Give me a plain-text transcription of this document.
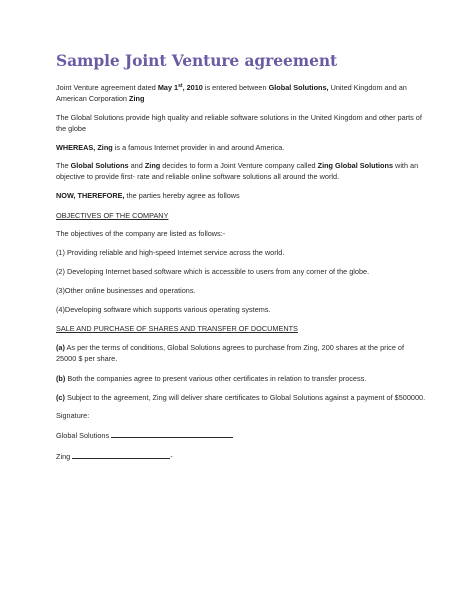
Sample Joint Venture agreement

Joint Venture agreement dated May 1st, 2010 is entered between Global Solutions, United Kingdom and an American Corporation Zing

The Global Solutions provide high quality and reliable software solutions in the United Kingdom and other parts of the globe

WHEREAS, Zing is a famous Internet provider in and around America.

The Global Solutions and Zing decides to form a Joint Venture company called Zing Global Solutions with an objective to provide first- rate and reliable online software solutions all around the world.

NOW, THEREFORE, the parties hereby agree as follows

OBJECTIVES OF THE COMPANY

The objectives of the company are listed as follows:-

(1) Providing reliable and high-speed Internet service across the world.

(2) Developing Internet based software which is accessible to users from any corner of the globe.

(3)Other online businesses and operations.

(4)Developing software which supports various operating systems.

SALE AND PURCHASE OF SHARES AND TRANSFER OF DOCUMENTS

(a) As per the terms of conditions, Global Solutions agrees to purchase from Zing, 200 shares at the price of 25000 $ per share.

(b) Both the companies agree to present various other certificates in relation to transfer process.

(c) Subject to the agreement, Zing will deliver share certificates to Global Solutions against a payment of $500000.

Signature:

Global Solutions

Zing	-
